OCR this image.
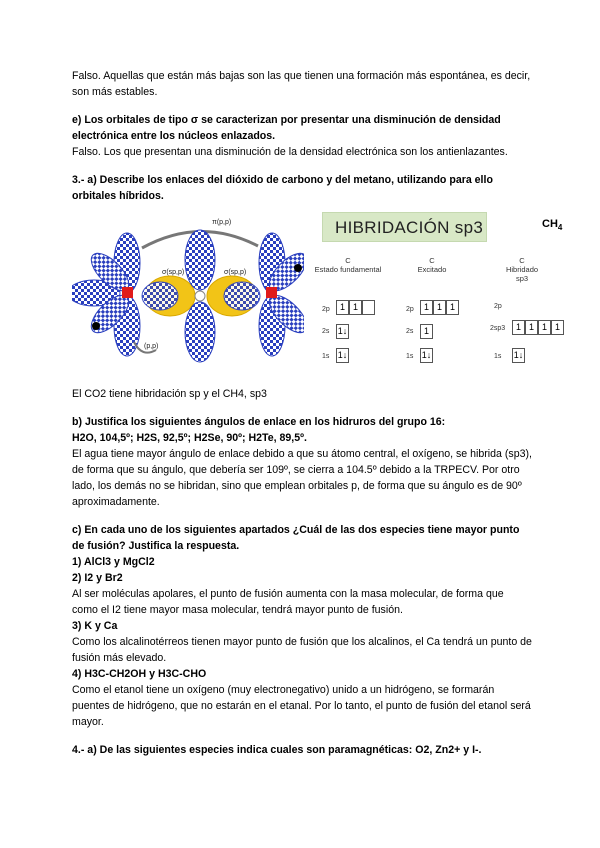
Falso. Aquellas que están más bajas son las que tienen una formación más espontánea, es decir, son más estables.

e) Los orbitales de tipo σ se caracterizan por presentar una disminución de densidad electrónica entre los núcleos enlazados.

Falso. Los que presentan una disminución de la densidad electrónica son los antienlazantes.

3.- a) Describe los enlaces del dióxido de carbono y del metano, utilizando para ello orbitales híbridos.

π(p,p)
σ(sp,p)	σ(sp,p)
(p,p)
HIBRIDACIÓN sp3	$CH_4$
C
Estado fundamental
C
Excitado
C
Hibridado
sp3
2p
2s
1s
1 1
1↓
1↓
2p
2s
1s
1 1 1
1
1↓
2p
2sp3
1s
1 1 1 1
1↓

El CO2 tiene hibridación sp y el CH4, sp3

b) Justifica los siguientes ángulos de enlace en los hidruros del grupo 16:

H2O, 104,5º; H2S, 92,5º; H2Se, 90º; H2Te, 89,5º.

El agua tiene mayor ángulo de enlace debido a que su átomo central, el oxígeno, se hibrida (sp3), de forma que su ángulo, que debería ser 109º, se cierra a 104.5º debido a la TRPECV. Por otro lado, los demás no se hibridan, sino que emplean orbitales p, de forma que su ángulo es de 90º aproximadamente.

c) En cada uno de los siguientes apartados ¿Cuál de las dos especies tiene mayor punto de fusión? Justifica la respuesta.

1) AlCl3 y MgCl2

2) I2 y Br2

Al ser moléculas apolares, el punto de fusión aumenta con la masa molecular, de forma que como el I2 tiene mayor masa molecular, tendrá mayor punto de fusión.

3) K y Ca

Como los alcalinotérreos tienen mayor punto de fusión que los alcalinos, el Ca tendrá un punto de fusión más elevado.

4) H3C-CH2OH y H3C-CHO

Como el etanol tiene un oxígeno (muy electronegativo) unido a un hidrógeno, se formarán puentes de hidrógeno, que no estarán en el etanal. Por lo tanto, el punto de fusión del etanol será mayor.

4.- a) De las siguientes especies indica cuales son paramagnéticas: O2, Zn2+ y I-.
